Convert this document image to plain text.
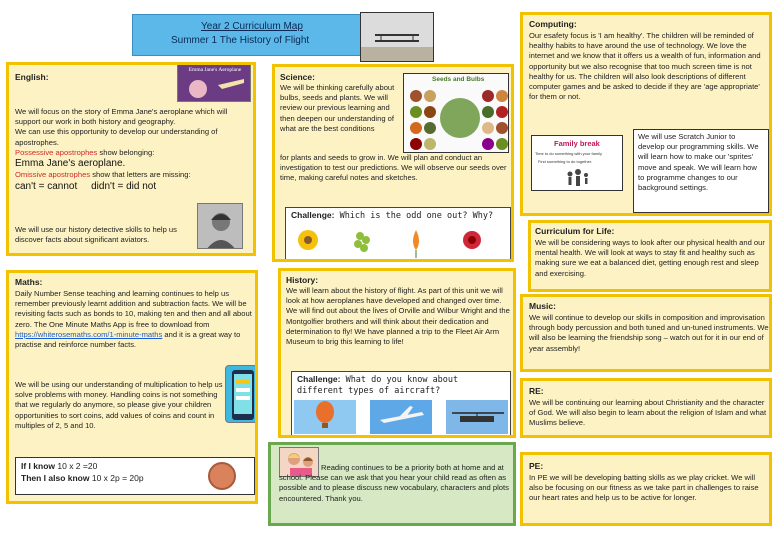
Year 2 Curriculum Map
Summer 1 The History of Flight
English:
Emma Jane's Aeroplane
We will focus on the story of Emma Jane's aeroplane which will support our work in both history and geography.
We can use this opportunity to develop our understanding of apostrophes.
Possessive apostrophes show belonging:
Emma Jane's aeroplane.
Omissive apostrophes show that letters are missing:
can't = cannot     didn't = did not
We will use our history detective skills to help us discover facts about significant aviators.
Science:
We will be thinking carefully about bulbs, seeds and plants. We will review our previous learning and then deepen our understanding of what are the best conditions
for plants and seeds to grow in. We will plan and conduct an investigation to test our predictions. We will observe our seeds over time, making careful notes and sketches.
Seeds and Bulbs
Challenge: Which is the odd one out? Why?
Computing:
Our esafety focus is 'I am healthy'. The children will be reminded of healthy habits to have around the use of technology. We love the internet and we know that it offers us a wealth of fun, information and opportunity but we also recognise that too much screen time is not healthy for us. The children will also look descriptions of different computer games and be asked to decide if they are 'age appropriate' for them or not.
Family break
Time to do something with your family
Find something to do together.
We will use Scratch Junior to develop our programming skills. We will learn how to make our 'sprites' move and speak. We will learn how to programme changes to our background settings.
Curriculum for Life:
We will be considering ways to look after our physical health and our mental health. We will look at ways to stay fit and healthy such as making sure we eat a balanced diet, getting enough rest and sleep and exercising.
Music:
We will continue to develop our skills in composition and improvisation through body percussion and both tuned and un-tuned instruments. We will also be learning the friendship song – watch out for it in our end of year assembly!
RE:
We will be continuing our learning about Christianity and the character of God. We will also begin to learn about the religion of Islam and what Muslims believe.
PE:
In PE we will be developing batting skills as we play cricket. We will also be focusing on our fitness as we take part in challenges to raise our heart rates and help us to be active for longer.
Maths:
Daily Number Sense teaching and learning continues to help us remember previously learnt addition and subtraction facts. We will be revisiting facts such as bonds to 10, making ten and then and all about zero. The One Minute Maths App is free to download from https://whiterosemaths.com/1-minute-maths and it is a great way to practise and reinforce number facts.
We will be using our understanding of multiplication to help us solve problems with money. Handling coins is not something that we regularly do anymore, so please give your children opportunities to sort coins, add values of coins and count in multiples of 2, 5 and 10.
If I know 10 x 2 =20
Then I also know 10 x 2p = 20p
History:
We will learn about the history of flight. As part of this unit we will look at how aeroplanes have developed and changed over time. We will find out about the lives of Orville and Wilbur Wright and the Montgolfier brothers and will think about their dedication and determination to fly! We have planned a trip to the Fleet Air Arm Museum to brig this learning to life!
Challenge: What do you know about different types of aircraft?
Reading continues to be a priority both at home and at school. Please can we ask that you hear your child read as often as possible and to please discuss new vocabulary, characters and plots encountered. Thank you.
